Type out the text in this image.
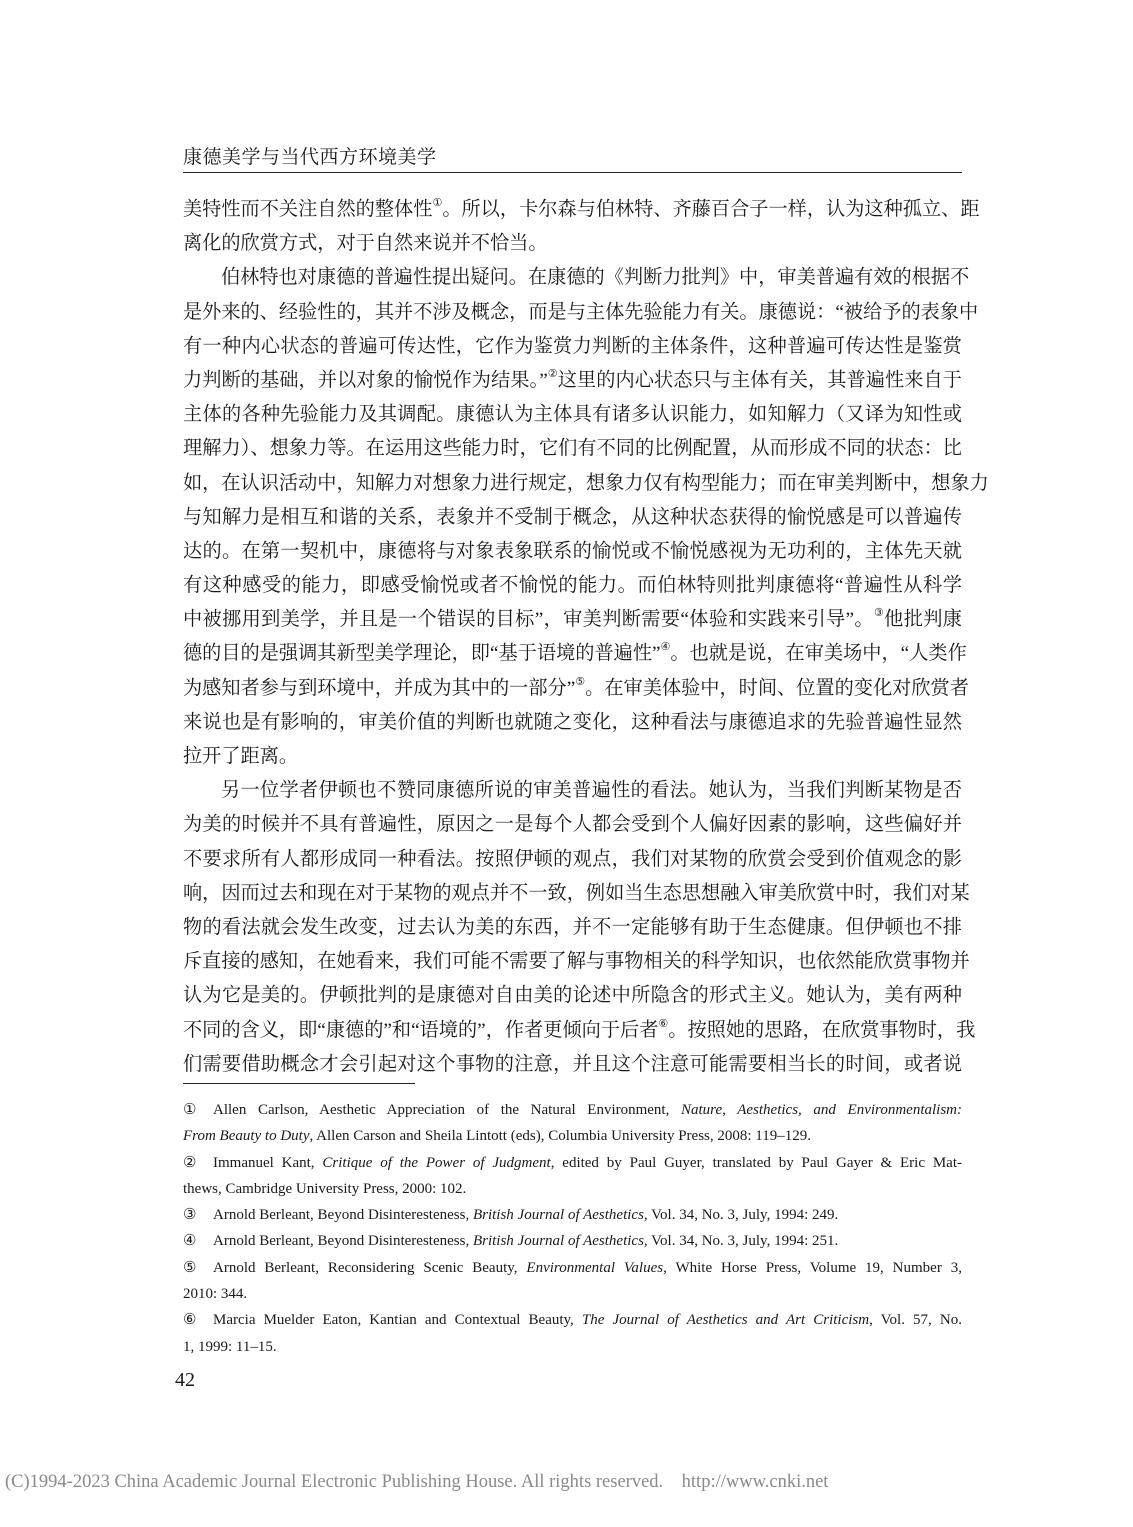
康德美学与当代西方环境美学
美特性而不关注自然的整体性①。所以，卡尔森与伯林特、齐藤百合子一样，认为这种孤立、距
离化的欣赏方式，对于自然来说并不恰当。
伯林特也对康德的普遍性提出疑问。在康德的《判断力批判》中，审美普遍有效的根据不
是外来的、经验性的，其并不涉及概念，而是与主体先验能力有关。康德说：“被给予的表象中
有一种内心状态的普遍可传达性，它作为鉴赏力判断的主体条件，这种普遍可传达性是鉴赏
力判断的基础，并以对象的愉悦作为结果。”②这里的内心状态只与主体有关，其普遍性来自于
主体的各种先验能力及其调配。康德认为主体具有诸多认识能力，如知解力（又译为知性或
理解力）、想象力等。在运用这些能力时，它们有不同的比例配置，从而形成不同的状态：比
如，在认识活动中，知解力对想象力进行规定，想象力仅有构型能力；而在审美判断中，想象力
与知解力是相互和谐的关系，表象并不受制于概念，从这种状态获得的愉悦感是可以普遍传
达的。在第一契机中，康德将与对象表象联系的愉悦或不愉悦感视为无功利的，主体先天就
有这种感受的能力，即感受愉悦或者不愉悦的能力。而伯林特则批判康德将“普遍性从科学
中被挪用到美学，并且是一个错误的目标”，审美判断需要“体验和实践来引导”。③他批判康
德的目的是强调其新型美学理论，即“基于语境的普遍性”④。也就是说，在审美场中，“人类作
为感知者参与到环境中，并成为其中的一部分”⑤。在审美体验中，时间、位置的变化对欣赏者
来说也是有影响的，审美价值的判断也就随之变化，这种看法与康德追求的先验普遍性显然
拉开了距离。
另一位学者伊顿也不赞同康德所说的审美普遍性的看法。她认为，当我们判断某物是否
为美的时候并不具有普遍性，原因之一是每个人都会受到个人偏好因素的影响，这些偏好并
不要求所有人都形成同一种看法。按照伊顿的观点，我们对某物的欣赏会受到价值观念的影
响，因而过去和现在对于某物的观点并不一致，例如当生态思想融入审美欣赏中时，我们对某
物的看法就会发生改变，过去认为美的东西，并不一定能够有助于生态健康。但伊顿也不排
斥直接的感知，在她看来，我们可能不需要了解与事物相关的科学知识，也依然能欣赏事物并
认为它是美的。伊顿批判的是康德对自由美的论述中所隐含的形式主义。她认为，美有两种
不同的含义，即“康德的”和“语境的”，作者更倾向于后者⑥。按照她的思路，在欣赏事物时，我
们需要借助概念才会引起对这个事物的注意，并且这个注意可能需要相当长的时间，或者说
① Allen Carlson, Aesthetic Appreciation of the Natural Environment, Nature, Aesthetics, and Environmentalism:
From Beauty to Duty, Allen Carson and Sheila Lintott (eds), Columbia University Press, 2008: 119–129.
② Immanuel Kant, Critique of the Power of Judgment, edited by Paul Guyer, translated by Paul Gayer & Eric Mat-
thews, Cambridge University Press, 2000: 102.
③ Arnold Berleant, Beyond Disinteresteness, British Journal of Aesthetics, Vol. 34, No. 3, July, 1994: 249.
④ Arnold Berleant, Beyond Disinteresteness, British Journal of Aesthetics, Vol. 34, No. 3, July, 1994: 251.
⑤ Arnold Berleant, Reconsidering Scenic Beauty, Environmental Values, White Horse Press, Volume 19, Number 3,
2010: 344.
⑥ Marcia Muelder Eaton, Kantian and Contextual Beauty, The Journal of Aesthetics and Art Criticism, Vol. 57, No.
1, 1999: 11–15.
42
(C)1994-2023 China Academic Journal Electronic Publishing House. All rights reserved.    http://www.cnki.net
